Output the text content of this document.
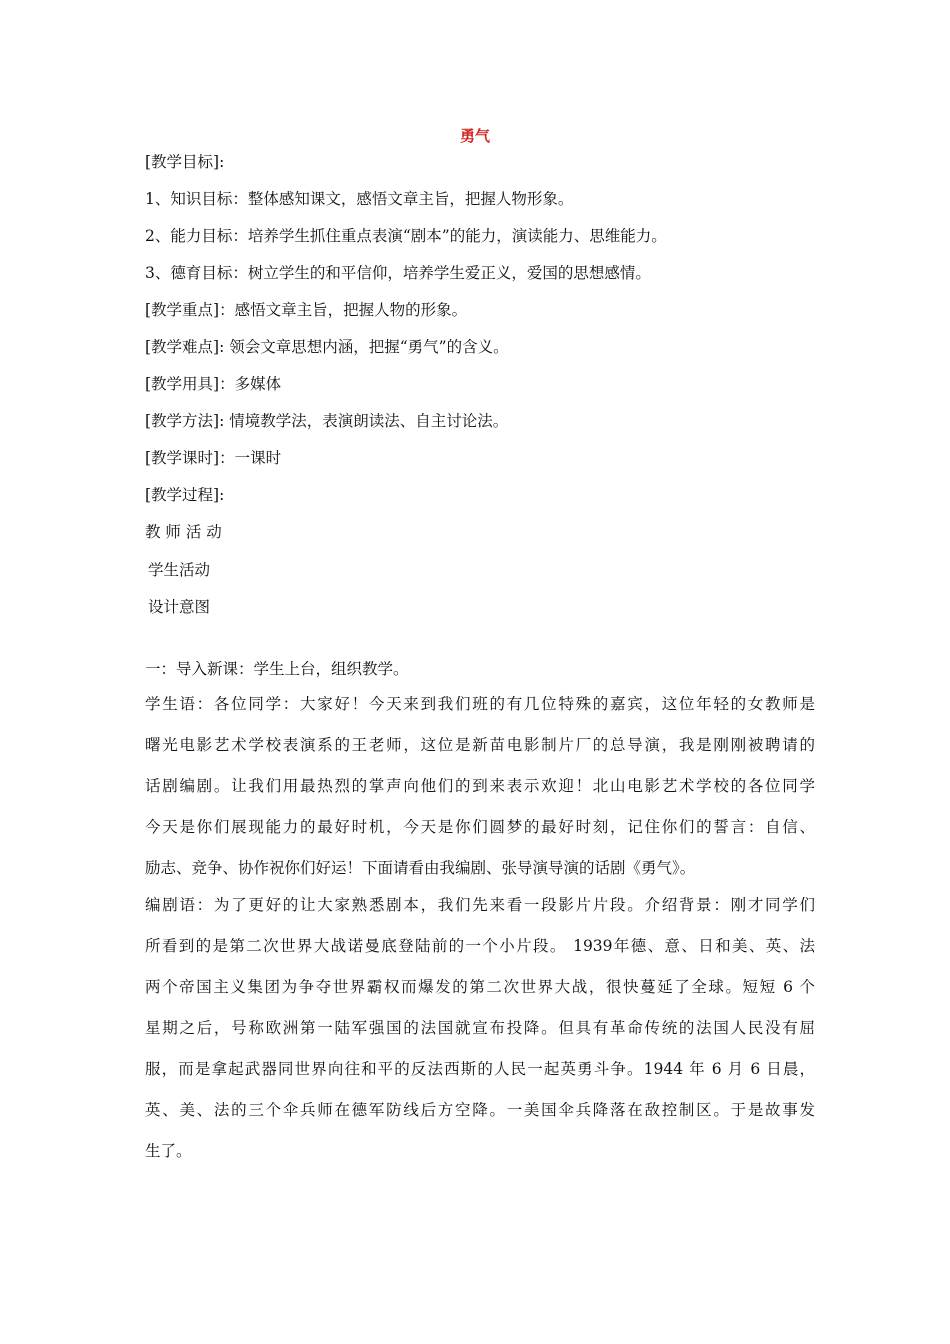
勇气
[教学目标]:
1、知识目标：整体感知课文，感悟文章主旨，把握人物形象。
2、能力目标：培养学生抓住重点表演“剧本”的能力，演读能力、思维能力。
3、德育目标：树立学生的和平信仰，培养学生爱正义，爱国的思想感情。
[教学重点]：感悟文章主旨，把握人物的形象。
[教学难点]: 领会文章思想内涵，把握“勇气”的含义。
[教学用具]：多媒体
[教学方法]: 情境教学法，表演朗读法、自主讨论法。
[教学课时]：一课时
[教学过程]:
教 师 活 动
学生活动
设计意图
一：导入新课：学生上台，组织教学。
学生语：各位同学：大家好！今天来到我们班的有几位特殊的嘉宾，这位年轻的女教师是
曙光电影艺术学校表演系的王老师，这位是新苗电影制片厂的总导演，我是刚刚被聘请的
话剧编剧。让我们用最热烈的掌声向他们的到来表示欢迎！北山电影艺术学校的各位同学
今天是你们展现能力的最好时机，今天是你们圆梦的最好时刻，记住你们的誓言：自信、
励志、竞争、协作祝你们好运！下面请看由我编剧、张导演导演的话剧《勇气》。
编剧语：为了更好的让大家熟悉剧本，我们先来看一段影片片段。介绍背景：刚才同学们
所看到的是第二次世界大战诺曼底登陆前的一个小片段。 1939年德、意、日和美、英、法
两个帝国主义集团为争夺世界霸权而爆发的第二次世界大战，很快蔓延了全球。短短 6 个
星期之后，号称欧洲第一陆军强国的法国就宣布投降。但具有革命传统的法国人民没有屈
服，而是拿起武器同世界向往和平的反法西斯的人民一起英勇斗争。1944 年 6 月 6 日晨，
英、美、法的三个伞兵师在德军防线后方空降。一美国伞兵降落在敌控制区。于是故事发
生了。
